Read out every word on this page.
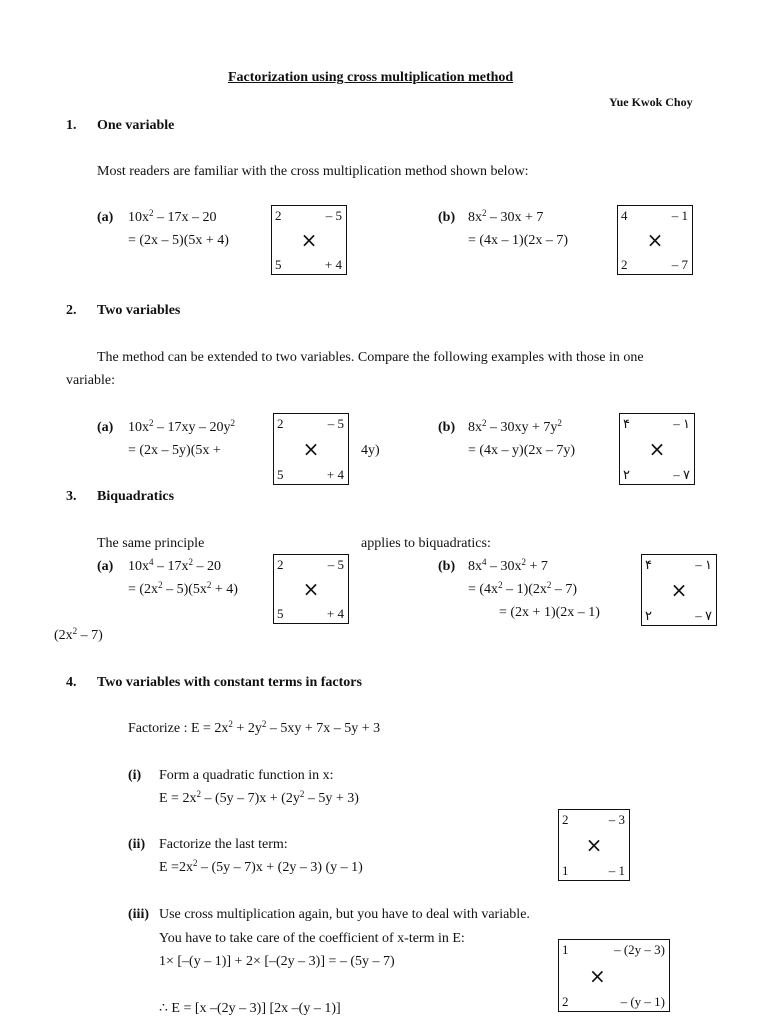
Factorization using cross multiplication method
Yue Kwok Choy
1. One variable
Most readers are familiar with the cross multiplication method shown below:
(a) $10x^2 - 17x - 20$
= (2x – 5)(5x + 4)
2	– 5
×
5	+ 4
(b) $8x^2 - 30x + 7$
= (4x – 1)(2x – 7)
4	– 1
×
2	– 7
2. Two variables
The method can be extended to two variables. Compare the following examples with those in one
variable:
(a) $10x^2 - 17xy - 20y^2$
= (2x – 5y)(5x +
2	– 5
×
5	+ 4
4y)
(b) $8x^2 - 30xy + 7y^2$
= (4x – y)(2x – 7y)
۴	– ۱
×
۲	– ۷
3. Biquadratics
The same principle	applies to biquadratics:
(a) $10x^4 - 17x^2 - 20$
= $(2x^2 - 5)(5x^2 + 4)$
2	– 5
×
5	+ 4
(b) $8x^4 - 30x^2 + 7$
= $(4x^2 - 1)(2x^2 - 7)$
= (2x + 1)(2x – 1)
۴	– ۱
×
۲	– ۷
$(2x^2 - 7)$
4. Two variables with constant terms in factors
Factorize : $E = 2x^2 + 2y^2 - 5xy + 7x - 5y + 3$
(i) Form a quadratic function in x:
$E = 2x^2 - (5y - 7)x + (2y^2 - 5y + 3)$
(ii) Factorize the last term:
$E =2x^2 - (5y - 7)x + (2y - 3)$ (y – 1)
2	– 3
×
1	– 1
(iii) Use cross multiplication again, but you have to deal with variable.
You have to take care of the coefficient of x-term in E:
1× [–(y – 1)] + 2× [–(2y – 3)] = – (5y – 7)
∴ E = [x –(2y – 3)] [2x –(y – 1)]
1	– (2y – 3)
×
2	– (y – 1)
